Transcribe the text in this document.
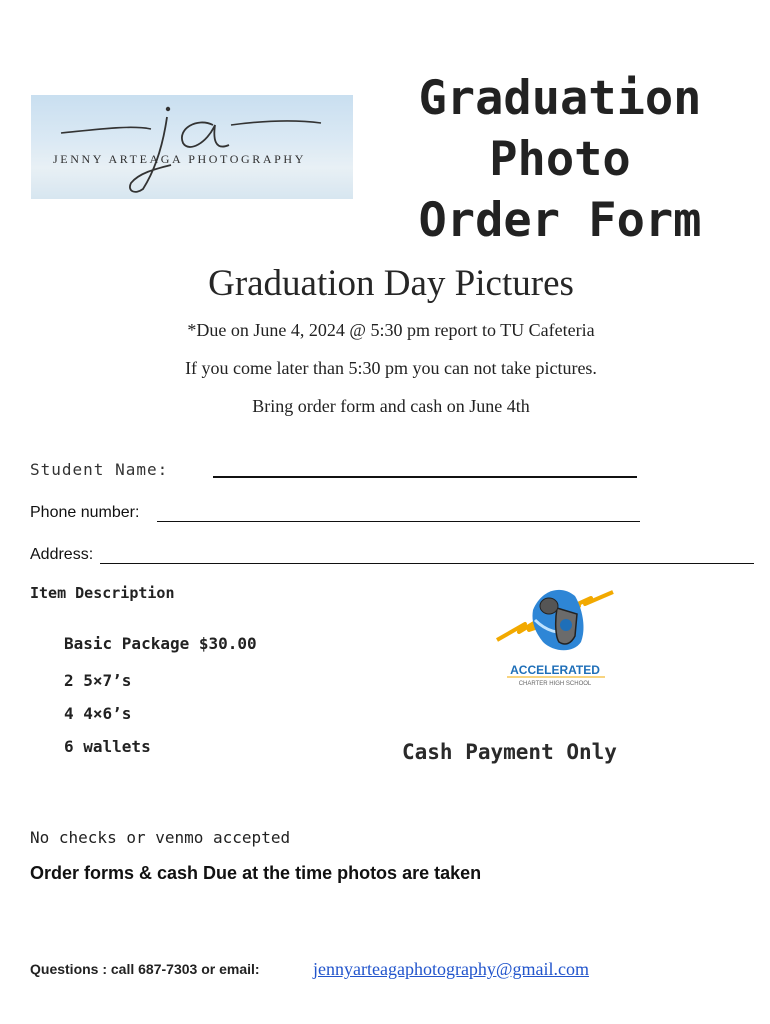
JENNY ARTEAGA PHOTOGRAPHY
Graduation
Photo
Order Form
Graduation Day Pictures
*Due on June 4, 2024 @ 5:30 pm report to TU Cafeteria
If you come later than 5:30 pm you can not take pictures.
Bring order form and cash on June 4th
Student Name:
Phone number:
Address:
Item Description
Basic Package $30.00
2 5×7’s
4 4×6’s
6 wallets
ACCELERATED
CHARTER HIGH SCHOOL
Cash Payment Only
No checks or venmo accepted
Order forms & cash Due at the time photos are taken
Questions : call 687-7303 or email:	jennyarteagaphotography@gmail.com
